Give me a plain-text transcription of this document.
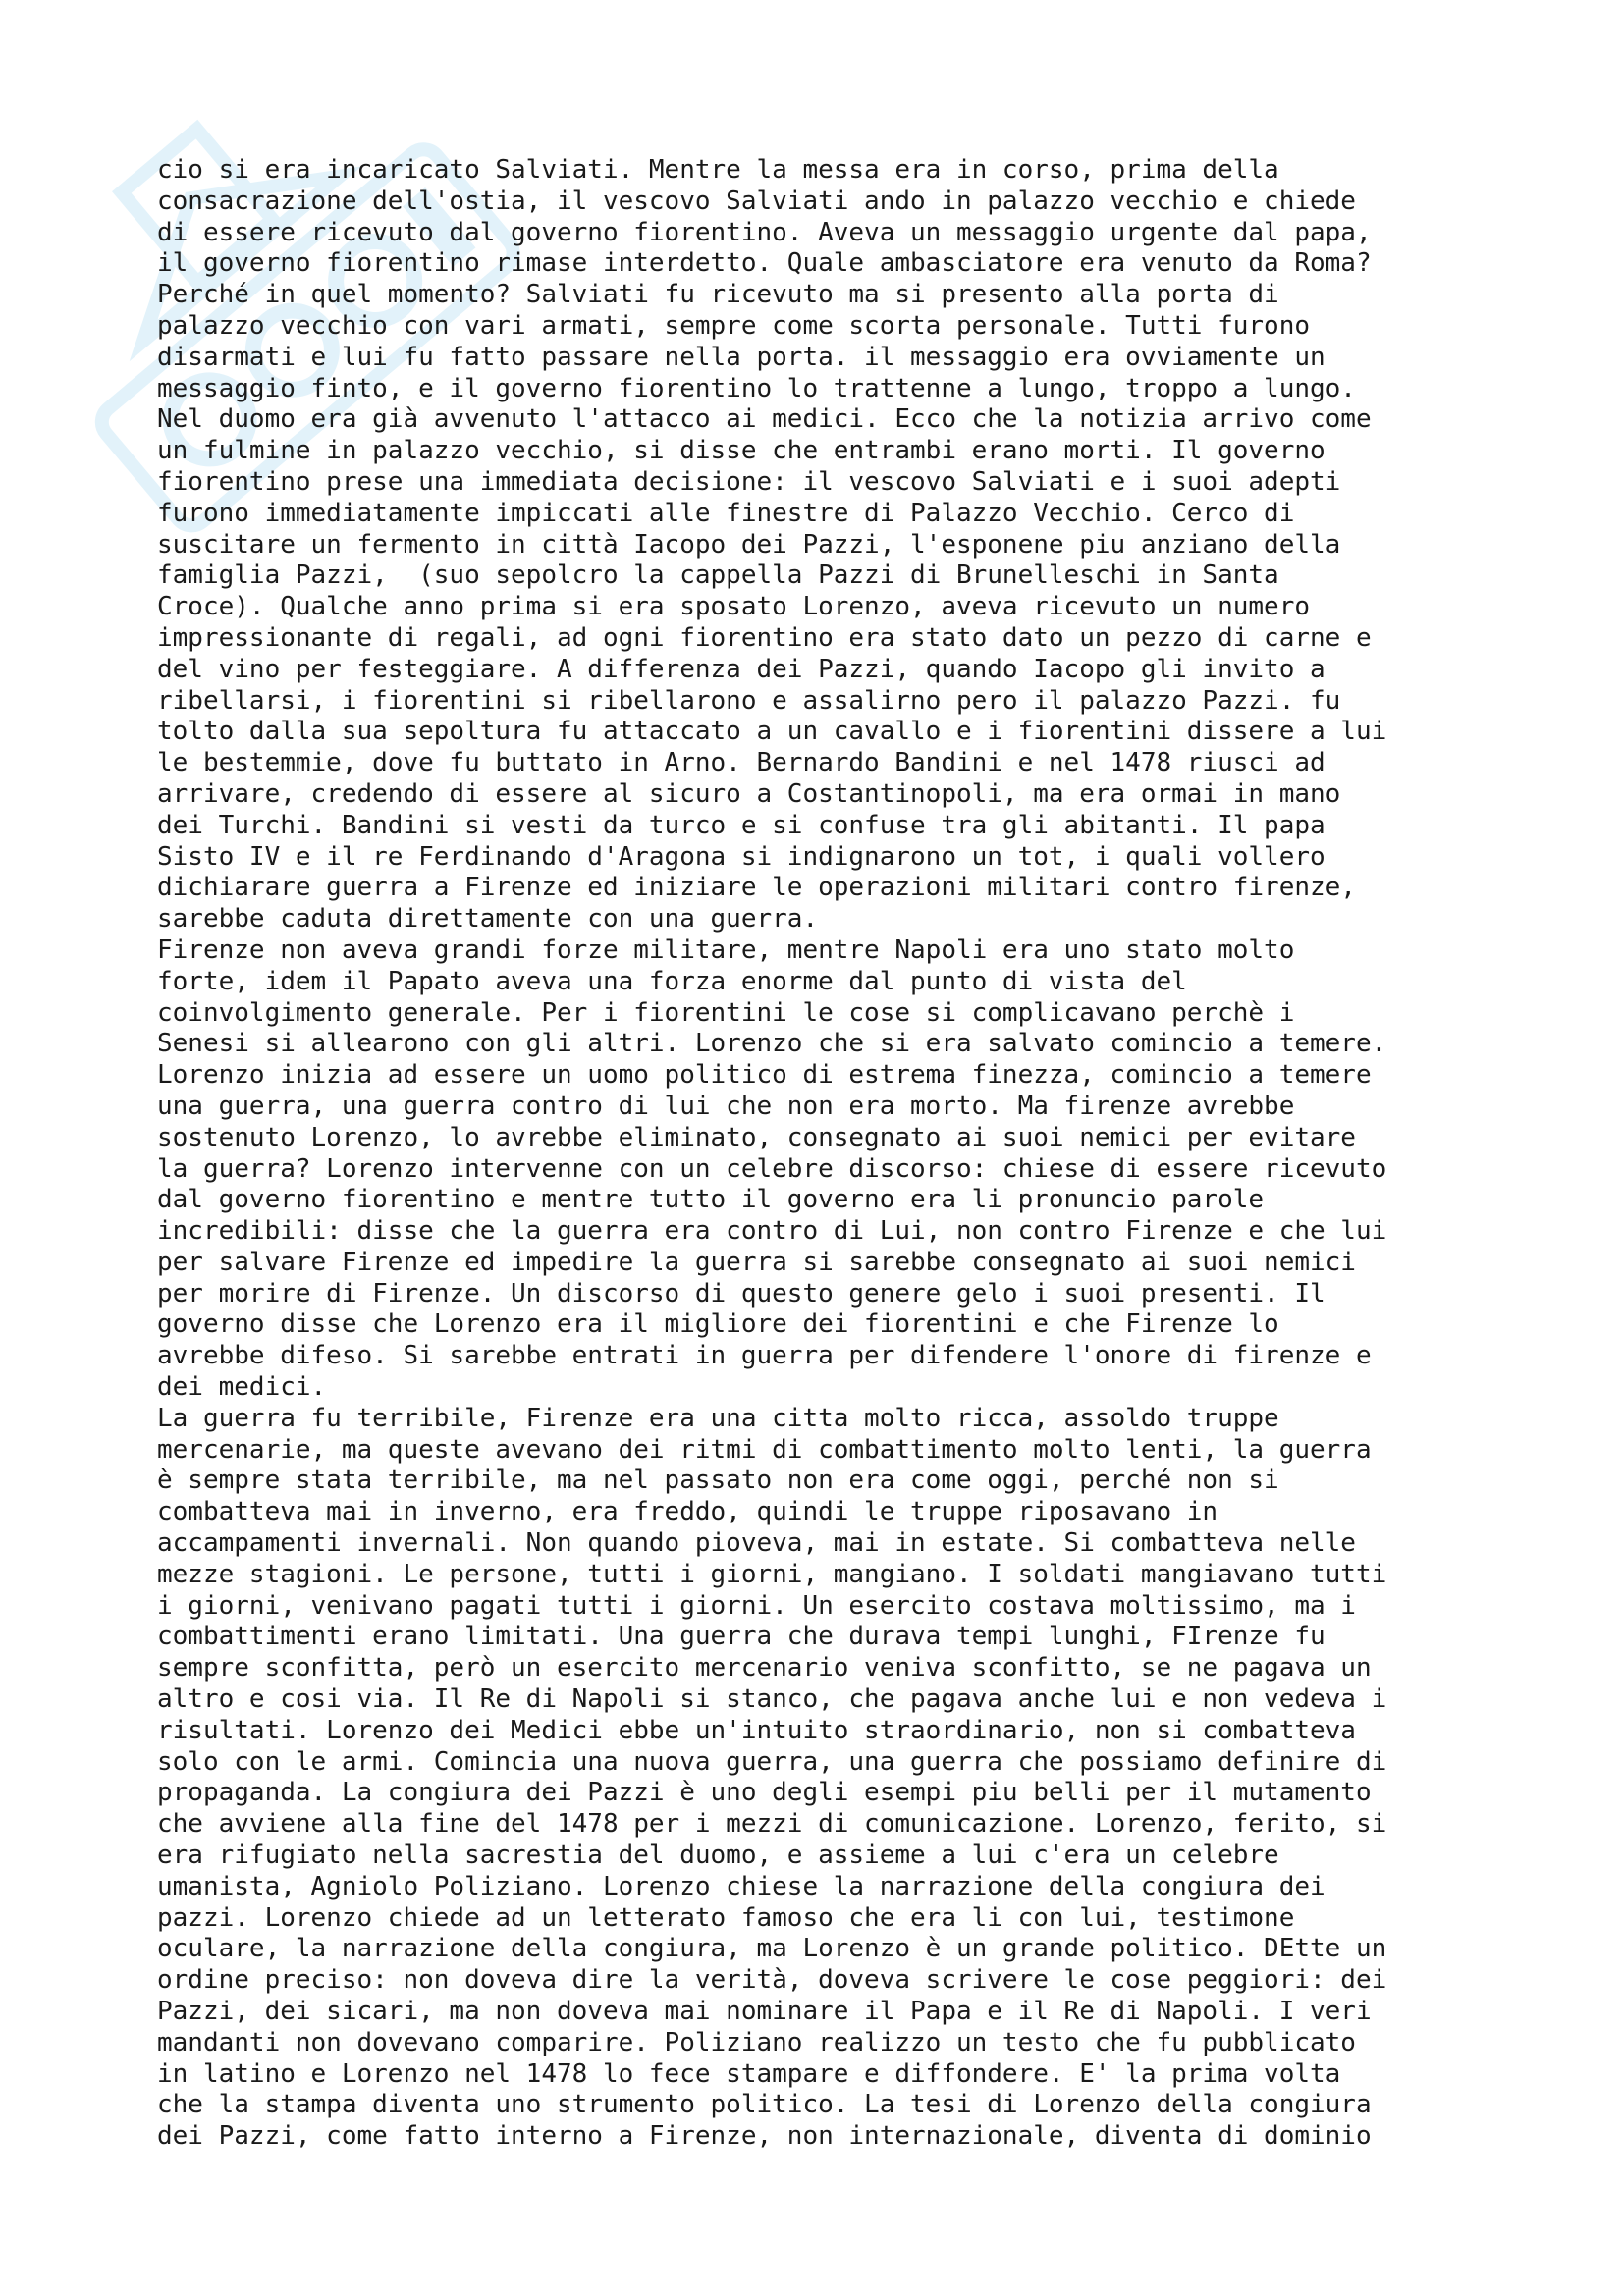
cio si era incaricato Salviati. Mentre la messa era in corso, prima della
consacrazione dell'ostia, il vescovo Salviati ando in palazzo vecchio e chiede
di essere ricevuto dal governo fiorentino. Aveva un messaggio urgente dal papa,
il governo fiorentino rimase interdetto. Quale ambasciatore era venuto da Roma?
Perché in quel momento? Salviati fu ricevuto ma si presento alla porta di
palazzo vecchio con vari armati, sempre come scorta personale. Tutti furono
disarmati e lui fu fatto passare nella porta. il messaggio era ovviamente un
messaggio finto, e il governo fiorentino lo trattenne a lungo, troppo a lungo.
Nel duomo era già avvenuto l'attacco ai medici. Ecco che la notizia arrivo come
un fulmine in palazzo vecchio, si disse che entrambi erano morti. Il governo
fiorentino prese una immediata decisione: il vescovo Salviati e i suoi adepti
furono immediatamente impiccati alle finestre di Palazzo Vecchio. Cerco di
suscitare un fermento in città Iacopo dei Pazzi, l'esponene piu anziano della
famiglia Pazzi,  (suo sepolcro la cappella Pazzi di Brunelleschi in Santa
Croce). Qualche anno prima si era sposato Lorenzo, aveva ricevuto un numero
impressionante di regali, ad ogni fiorentino era stato dato un pezzo di carne e
del vino per festeggiare. A differenza dei Pazzi, quando Iacopo gli invito a
ribellarsi, i fiorentini si ribellarono e assalirno pero il palazzo Pazzi. fu
tolto dalla sua sepoltura fu attaccato a un cavallo e i fiorentini dissere a lui
le bestemmie, dove fu buttato in Arno. Bernardo Bandini e nel 1478 riusci ad
arrivare, credendo di essere al sicuro a Costantinopoli, ma era ormai in mano
dei Turchi. Bandini si vesti da turco e si confuse tra gli abitanti. Il papa
Sisto IV e il re Ferdinando d'Aragona si indignarono un tot, i quali vollero
dichiarare guerra a Firenze ed iniziare le operazioni militari contro firenze,
sarebbe caduta direttamente con una guerra.
Firenze non aveva grandi forze militare, mentre Napoli era uno stato molto
forte, idem il Papato aveva una forza enorme dal punto di vista del
coinvolgimento generale. Per i fiorentini le cose si complicavano perchè i
Senesi si allearono con gli altri. Lorenzo che si era salvato comincio a temere.
Lorenzo inizia ad essere un uomo politico di estrema finezza, comincio a temere
una guerra, una guerra contro di lui che non era morto. Ma firenze avrebbe
sostenuto Lorenzo, lo avrebbe eliminato, consegnato ai suoi nemici per evitare
la guerra? Lorenzo intervenne con un celebre discorso: chiese di essere ricevuto
dal governo fiorentino e mentre tutto il governo era li pronuncio parole
incredibili: disse che la guerra era contro di Lui, non contro Firenze e che lui
per salvare Firenze ed impedire la guerra si sarebbe consegnato ai suoi nemici
per morire di Firenze. Un discorso di questo genere gelo i suoi presenti. Il
governo disse che Lorenzo era il migliore dei fiorentini e che Firenze lo
avrebbe difeso. Si sarebbe entrati in guerra per difendere l'onore di firenze e
dei medici.
La guerra fu terribile, Firenze era una citta molto ricca, assoldo truppe
mercenarie, ma queste avevano dei ritmi di combattimento molto lenti, la guerra
è sempre stata terribile, ma nel passato non era come oggi, perché non si
combatteva mai in inverno, era freddo, quindi le truppe riposavano in
accampamenti invernali. Non quando pioveva, mai in estate. Si combatteva nelle
mezze stagioni. Le persone, tutti i giorni, mangiano. I soldati mangiavano tutti
i giorni, venivano pagati tutti i giorni. Un esercito costava moltissimo, ma i
combattimenti erano limitati. Una guerra che durava tempi lunghi, FIrenze fu
sempre sconfitta, però un esercito mercenario veniva sconfitto, se ne pagava un
altro e cosi via. Il Re di Napoli si stanco, che pagava anche lui e non vedeva i
risultati. Lorenzo dei Medici ebbe un'intuito straordinario, non si combatteva
solo con le armi. Comincia una nuova guerra, una guerra che possiamo definire di
propaganda. La congiura dei Pazzi è uno degli esempi piu belli per il mutamento
che avviene alla fine del 1478 per i mezzi di comunicazione. Lorenzo, ferito, si
era rifugiato nella sacrestia del duomo, e assieme a lui c'era un celebre
umanista, Agniolo Poliziano. Lorenzo chiese la narrazione della congiura dei
pazzi. Lorenzo chiede ad un letterato famoso che era li con lui, testimone
oculare, la narrazione della congiura, ma Lorenzo è un grande politico. DEtte un
ordine preciso: non doveva dire la verità, doveva scrivere le cose peggiori: dei
Pazzi, dei sicari, ma non doveva mai nominare il Papa e il Re di Napoli. I veri
mandanti non dovevano comparire. Poliziano realizzo un testo che fu pubblicato
in latino e Lorenzo nel 1478 lo fece stampare e diffondere. E' la prima volta
che la stampa diventa uno strumento politico. La tesi di Lorenzo della congiura
dei Pazzi, come fatto interno a Firenze, non internazionale, diventa di dominio
